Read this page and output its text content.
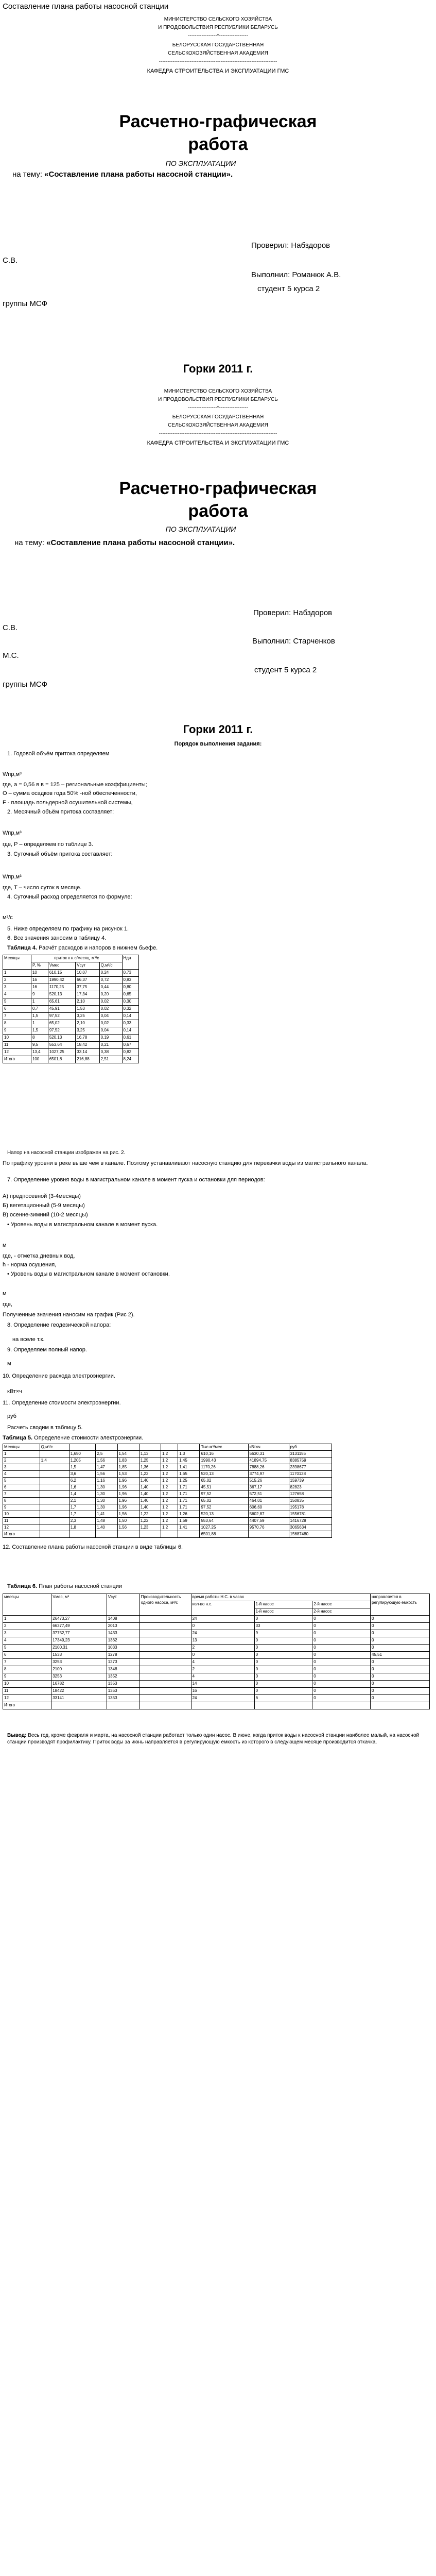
Составление плана работы насосной станции
МИНИСТЕРСТВО СЕЛЬСКОГО ХОЗЯЙСТВА
И ПРОДОВОЛЬСТВИЯ РЕСПУБЛИКИ БЕЛАРУСЬ
-----------------*-----------------
БЕЛОРУССКАЯ ГОСУДАРСТВЕННАЯ
СЕЛЬСКОХОЗЯЙСТВЕННАЯ АКАДЕМИЯ
---------------------------------------------------------------------
КАФЕДРА СТРОИТЕЛЬСТВА И ЭКСПЛУАТАЦИИ ГМС
Расчетно-графическая
работа
ПО ЭКСПЛУАТАЦИИ
на тему: «Составление плана работы насосной станции».
Проверил: Набздоров
С.В.
Выполнил: Романюк А.В.
студент 5 курса 2
группы МСФ
Горки 2011 г.
МИНИСТЕРСТВО СЕЛЬСКОГО ХОЗЯЙСТВА
И ПРОДОВОЛЬСТВИЯ РЕСПУБЛИКИ БЕЛАРУСЬ
-----------------*-----------------
БЕЛОРУССКАЯ ГОСУДАРСТВЕННАЯ
СЕЛЬСКОХОЗЯЙСТВЕННАЯ АКАДЕМИЯ
---------------------------------------------------------------------
КАФЕДРА СТРОИТЕЛЬСТВА И ЭКСПЛУАТАЦИИ ГМС
Расчетно-графическая
работа
ПО ЭКСПЛУАТАЦИИ
на тему: «Составление плана работы насосной станции».
Проверил: Набздоров
С.В.
Выполнил: Старченков
М.С.
студент 5 курса 2
группы МСФ
Горки 2011 г.
Порядок выполнения задания:
1. Годовой объём притока определяем
Wпр,м³
где, a = 0,56 в в = 125 – региональные коэффициенты;
O – сумма осадков года 50% -ной обеспеченности,
F - площадь польдерной осушительной системы,
2. Месячный объём притока составляет:
Wпр,м³
где, P – определяем по таблице 3.
3. Суточный объём притока составляет:
Wпр,м³
где, T – число суток в месяце.
4. Суточный расход определяется по формуле:
м³/с
5. Ниже определяем по графику на рисунок 1.
6. Все значения заносим в таблицу 4.
Таблица 4. Расчёт расходов и напоров в нижнем бьефе.
Месяцы	приток к н.с/месяц, м³/с				Ндн
	P, %	Vмес	Vсут	Q,м³/с	
1	10	610,15	10,07	0,24	0,73
2	16	1990,42	66,37	0,72	0,93
3	16	1170,25	37,75	0,44	0,80
4	9	520,13	17,34	0,20	0,65
5	1	65,61	2,10	0,02	0,30
6	0,7	45,91	1,53	0,02	0,32
7	1,5	97,52	3,25	0,04	0,14
8	1	65,02	2,10	0,02	0,33
9	1,5	97,52	3,25	0,04	0,14
10	8	520,13	16,78	0,19	0,61
11	9,5	553,64	18,42	0,21	0,67
12	13,4	1027,25	33,14	0,38	0,82
Итого	100	6501,8	216,88	2,51	8,24
Напор на насосной станции изображен на рис. 2.
По графику уровни в реке выше чем в канале. Поэтому устанавливают насосную станцию для перекачки воды из магистрального канала.
7. Определение уровня воды в магистральном канале в момент пуска и остановки для периодов:
А) предпосевной (3-4месяцы)
Б) вегетационный (5-9 месяцы)
В) осенне-зимний (10-2 месяцы)
• Уровень воды в магистральном канале в момент пуска.
м
где, - отметка дневных вод,
h - норма осушения,
• Уровень воды в магистральном канале в момент остановки.
м
где,
Полученные значения наносим на график (Рис 2).
8. Определение геодезической напора:
на вселе т.к.
9. Определяем полный напор.
м
10. Определение расхода электроэнергии.
кВт×ч
11. Определение стоимости электроэнергии.
руб
Расчеть сводим в таблицу 5.
Таблица 5. Определение стоимости электроэнергии.
Месяцы	Q,м³/с							Тыс.м³/мес	кВт×ч	руб
1		1,650	2,5	1,54	1,13	1,2	1,3	610,16	5630,31	3131155
2	1,4	1,205	1,56	1,83	1,25	1,2	1,45	1990,43	41894,75	8385759
3		1,5	1,47	1,85	1,36	1,2	1,41	1170,26	7888,26	2398677
4		3,6	1,56	1,53	1,22	1,2	1,65	520,13	3774,97	1170128
5		6,2	1,16	1,96	1,40	1,2	1,25	65,02	515,26	159739
6		1,6	1,30	1,96	1,40	1,2	1,71	45,51	367,17	82823
7		1,4	1,30	1,96	1,40	1,2	1,71	97,52	572,51	127658
8		2,1	1,30	1,96	1,40	1,2	1,71	65,02	464,01	150835
9		1,7	1,30	1,96	1,40	1,2	1,71	97,52	606,60	195178
10		1,7	1,41	1,56	1,22	1,2	1,26	520,13	5602,87	1556781
11		2,3	1,48	1,50	1,22	1,2	1,59	553,64	4407,59	1416728
12		1,8	1,40	1,56	1,23	1,2	1,41	1027,25	9570,76	3065634
Итого								6501,88		15687480
12. Составление плана работы насосной станции в виде таблицы 6.
Таблица 6. План работы насосной станции
месяцы	Vмес, м³	Vсут	Производительность одного насоса, м³/с	время работы Н.С. в часах			направляется в регулирующую емкость
				кол-во н.с.	1-й насос	2-й насос	
					1-й насос	2-й насос	
1	26473,27	1408		24	0	0	0
2	66377,49	2013		0	33	0	0
3	37752,77	1433		24	9	0	0
4	17349,23	1362		13	0	0	0
5	2100,31	1033		2	0	0	0
6	1533	1278		0	0	0	45,51
7	3253	1273		4	0	0	0
8	2100	1348		2	0	0	0
9	3253	1352		4	0	0	0
10	16782	1353		14	0	0	0
11	18422	1353		16	0	0	0
12	33141	1353		24	6	0	0
Итого							
Вывод: Весь год, кроме февраля и марта, на насосной станции работает только один насос. В июне, когда приток воды к насосной станции наиболее малый, на насосной станции производят профилактику. Приток воды за июнь направляется в регулирующую емкость из которого в следующем месяце производится откачка.
